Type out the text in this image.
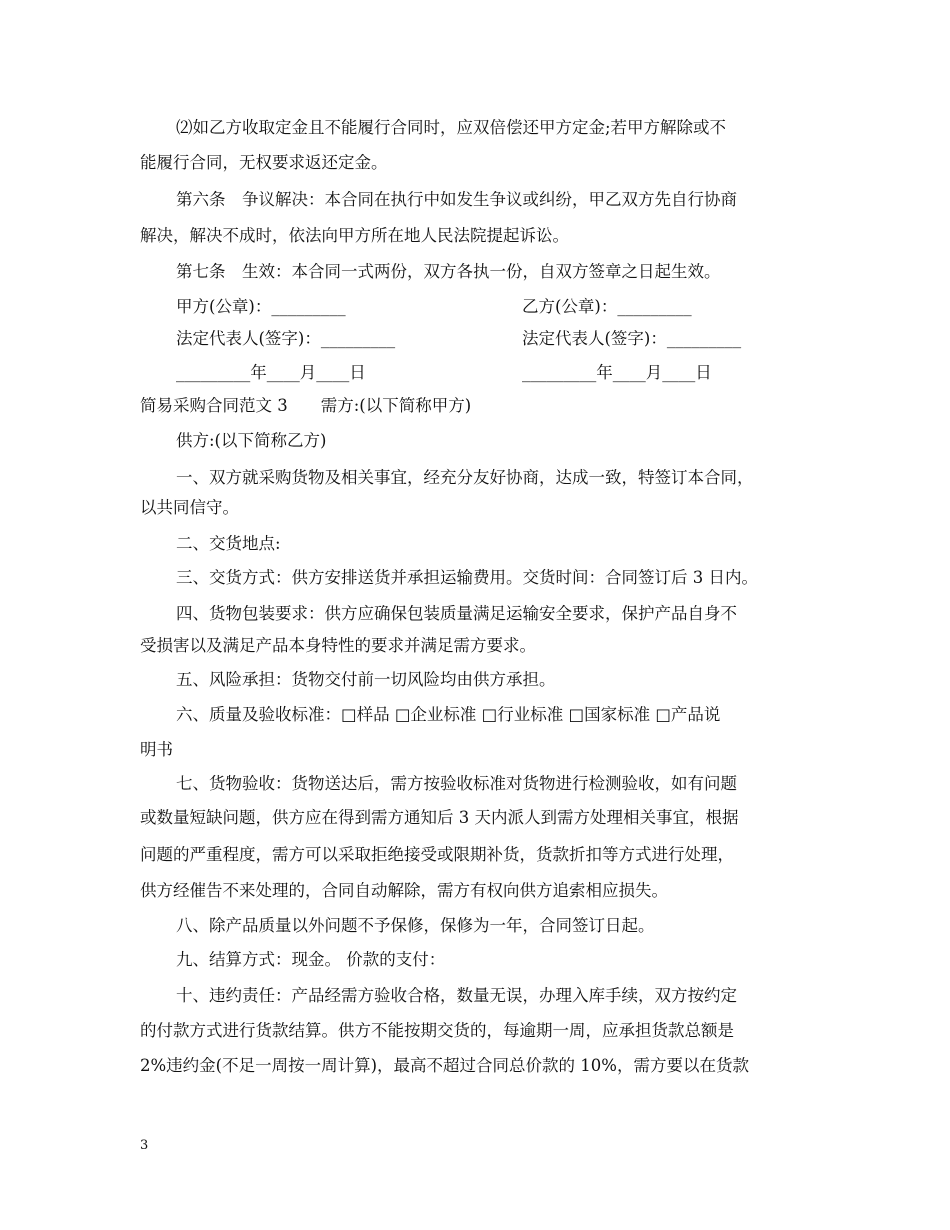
⑵如乙方收取定金且不能履行合同时，应双倍偿还甲方定金;若甲方解除或不
能履行合同，无权要求返还定金。
第六条　争议解决：本合同在执行中如发生争议或纠纷，甲乙双方先自行协商
解决，解决不成时，依法向甲方所在地人民法院提起诉讼。
第七条　生效：本合同一式两份，双方各执一份，自双方签章之日起生效。
甲方(公章)：_________	乙方(公章)：_________
法定代表人(签字)：_________	法定代表人(签字)：_________
_________年____月____日	_________年____月____日
简易采购合同范文 3　　需方:(以下简称甲方)
供方:(以下简称乙方)
一、双方就采购货物及相关事宜，经充分友好协商，达成一致，特签订本合同，
以共同信守。
二、交货地点:
三、交货方式：供方安排送货并承担运输费用。交货时间：合同签订后 3 日内。
四、货物包装要求：供方应确保包装质量满足运输安全要求，保护产品自身不
受损害以及满足产品本身特性的要求并满足需方要求。
五、风险承担：货物交付前一切风险均由供方承担。
六、质量及验收标准：□样品 □企业标准 □行业标准 □国家标准 □产品说
明书
七、货物验收：货物送达后，需方按验收标准对货物进行检测验收，如有问题
或数量短缺问题，供方应在得到需方通知后 3 天内派人到需方处理相关事宜，根据
问题的严重程度，需方可以采取拒绝接受或限期补货，货款折扣等方式进行处理，
供方经催告不来处理的，合同自动解除，需方有权向供方追索相应损失。
八、除产品质量以外问题不予保修，保修为一年，合同签订日起。
九、结算方式：现金。 价款的支付：
十、违约责任：产品经需方验收合格，数量无误，办理入库手续，双方按约定
的付款方式进行货款结算。供方不能按期交货的，每逾期一周，应承担货款总额是
2%违约金(不足一周按一周计算)，最高不超过合同总价款的 10%，需方要以在货款
3
